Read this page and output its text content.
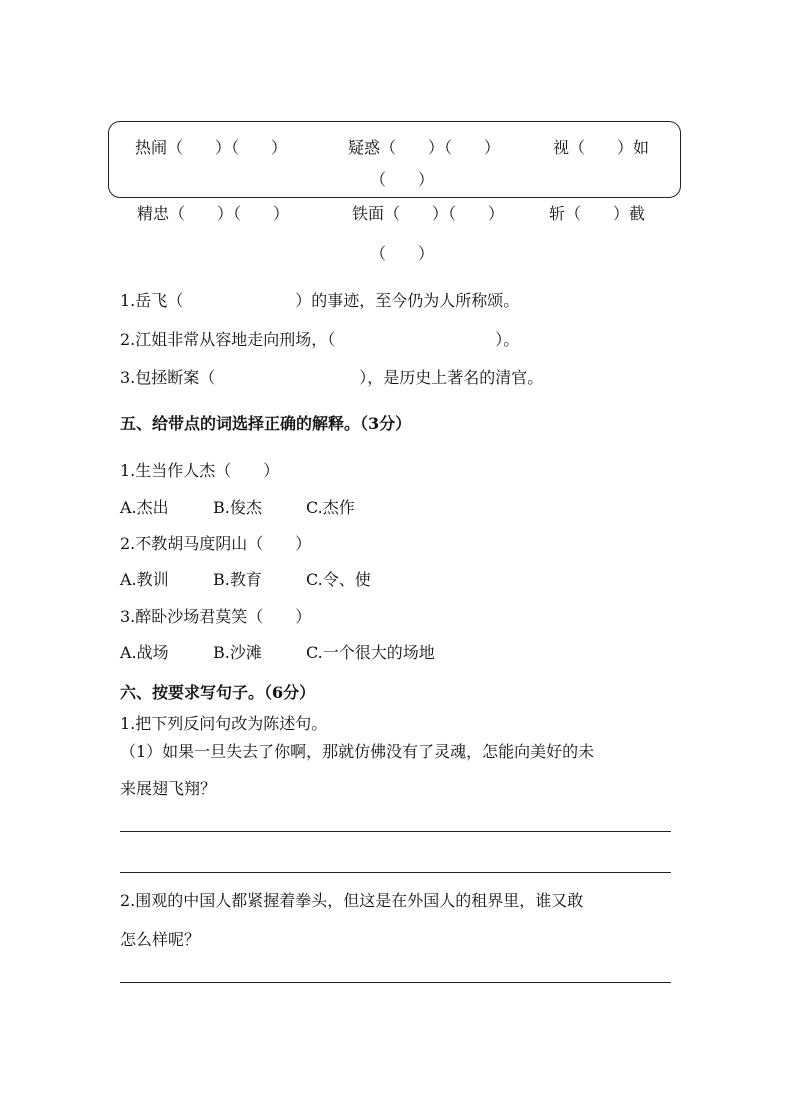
热闹（　　）（　　）	疑惑（　　）（　　）	视（　　）如
（　　）
精忠（　　）（　　）	铁面（　　）（　　）	斩（　　）截
（　　）
1.岳飞（　　　　　　　）的事迹，至今仍为人所称颂。
2.江姐非常从容地走向刑场，（　　　　　　　　　　）。
3.包拯断案（　　　　　　　　　），是历史上著名的清官。
五、给带点的词选择正确的解释。（3分）
1.生当作人杰（　　）
A.杰出	B.俊杰	C.杰作
2.不教胡马度阴山（　　）
A.教训	B.教育	C.令、使
3.醉卧沙场君莫笑（　　）
A.战场	B.沙滩	C.一个很大的场地
六、按要求写句子。（6分）
1.把下列反问句改为陈述句。
（1）如果一旦失去了你啊，那就仿佛没有了灵魂，怎能向美好的未
来展翅飞翔？
2.围观的中国人都紧握着拳头，但这是在外国人的租界里，谁又敢
怎么样呢？
